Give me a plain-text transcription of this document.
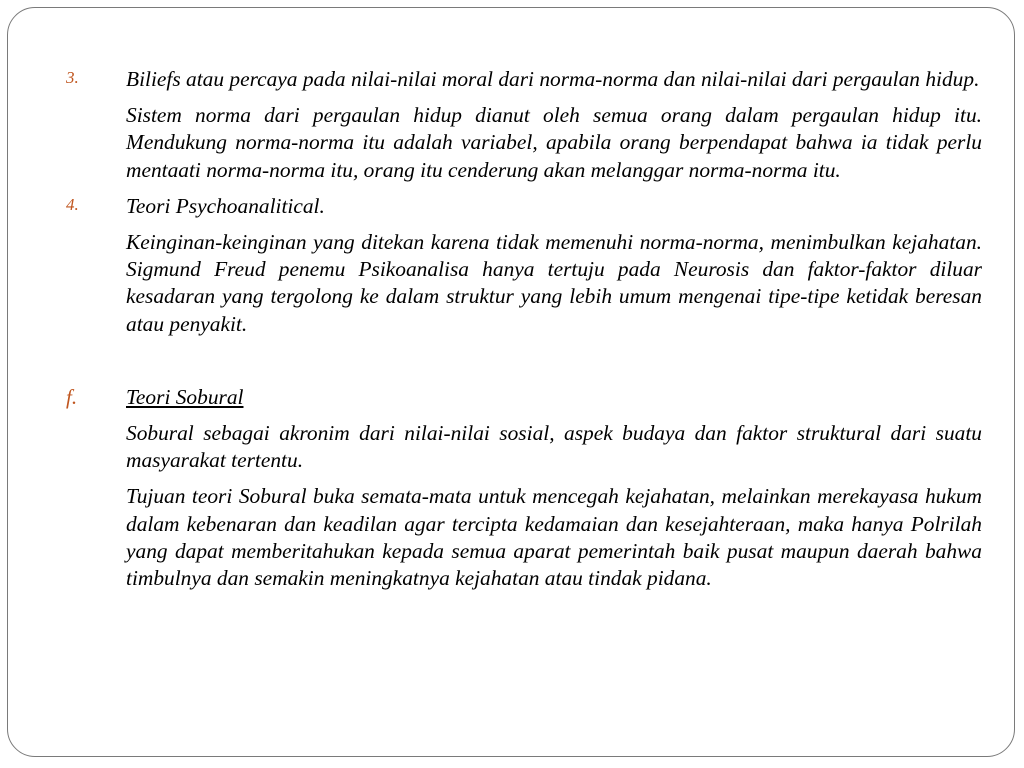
3. Biliefs atau percaya pada nilai-nilai moral dari norma-norma dan nilai-nilai dari pergaulan hidup.

Sistem norma dari pergaulan hidup dianut oleh semua orang dalam pergaulan hidup itu. Mendukung norma-norma itu adalah variabel, apabila orang berpendapat bahwa ia tidak perlu mentaati norma-norma itu, orang itu cenderung akan melanggar norma-norma itu.

4. Teori Psychoanalitical.

Keinginan-keinginan yang ditekan karena tidak memenuhi norma-norma, menimbulkan kejahatan. Sigmund Freud penemu Psikoanalisa hanya tertuju pada Neurosis dan faktor-faktor diluar kesadaran yang tergolong ke dalam struktur yang lebih umum mengenai tipe-tipe ketidak beresan atau penyakit.

f. Teori Sobural

Sobural sebagai akronim dari nilai-nilai sosial, aspek budaya dan faktor struktural dari suatu masyarakat tertentu.

Tujuan teori Sobural buka semata-mata untuk mencegah kejahatan, melainkan merekayasa hukum dalam kebenaran dan keadilan agar tercipta kedamaian dan kesejahteraan, maka hanya Polrilah yang dapat memberitahukan kepada semua aparat pemerintah baik pusat maupun daerah bahwa timbulnya dan semakin meningkatnya kejahatan atau tindak pidana.
